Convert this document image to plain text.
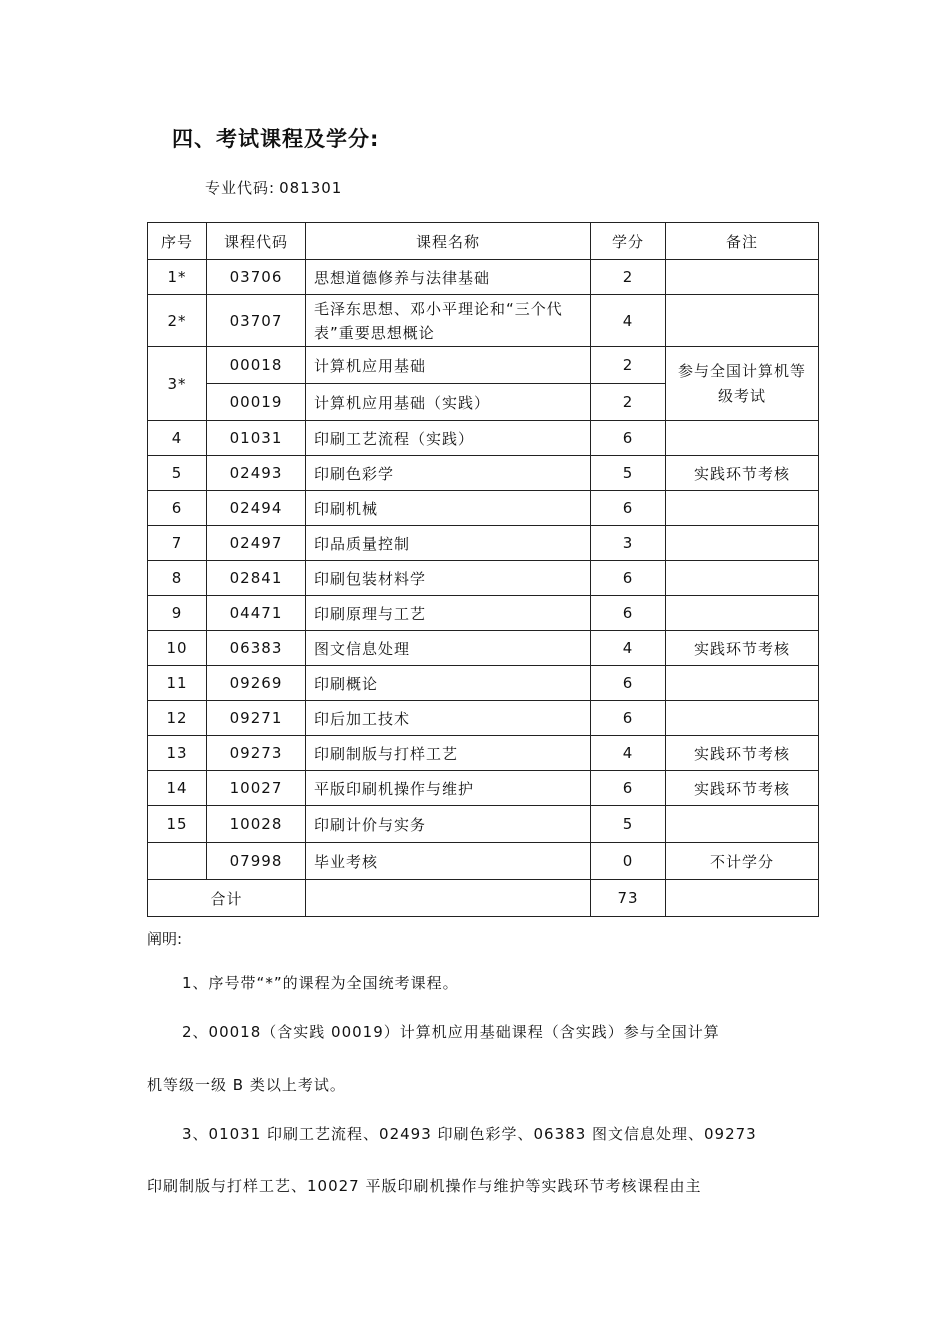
四、考试课程及学分:
专业代码: 081301
序号	课程代码	课程名称	学分	备注
1*	03706	思想道德修养与法律基础	2	
2*	03707	毛泽东思想、邓小平理论和“三个代表”重要思想概论	4	
3*	00018	计算机应用基础	2	参与全国计算机等级考试
	00019	计算机应用基础（实践）	2	
4	01031	印刷工艺流程（实践）	6	
5	02493	印刷色彩学	5	实践环节考核
6	02494	印刷机械	6	
7	02497	印品质量控制	3	
8	02841	印刷包装材料学	6	
9	04471	印刷原理与工艺	6	
10	06383	图文信息处理	4	实践环节考核
11	09269	印刷概论	6	
12	09271	印后加工技术	6	
13	09273	印刷制版与打样工艺	4	实践环节考核
14	10027	平版印刷机操作与维护	6	实践环节考核
15	10028	印刷计价与实务	5	
	07998	毕业考核	0	不计学分
合计			73	
阐明:
1、序号带“*”的课程为全国统考课程。
2、00018（含实践 00019）计算机应用基础课程（含实践）参与全国计算
机等级一级 B 类以上考试。
3、01031 印刷工艺流程、02493 印刷色彩学、06383 图文信息处理、09273
印刷制版与打样工艺、10027 平版印刷机操作与维护等实践环节考核课程由主
